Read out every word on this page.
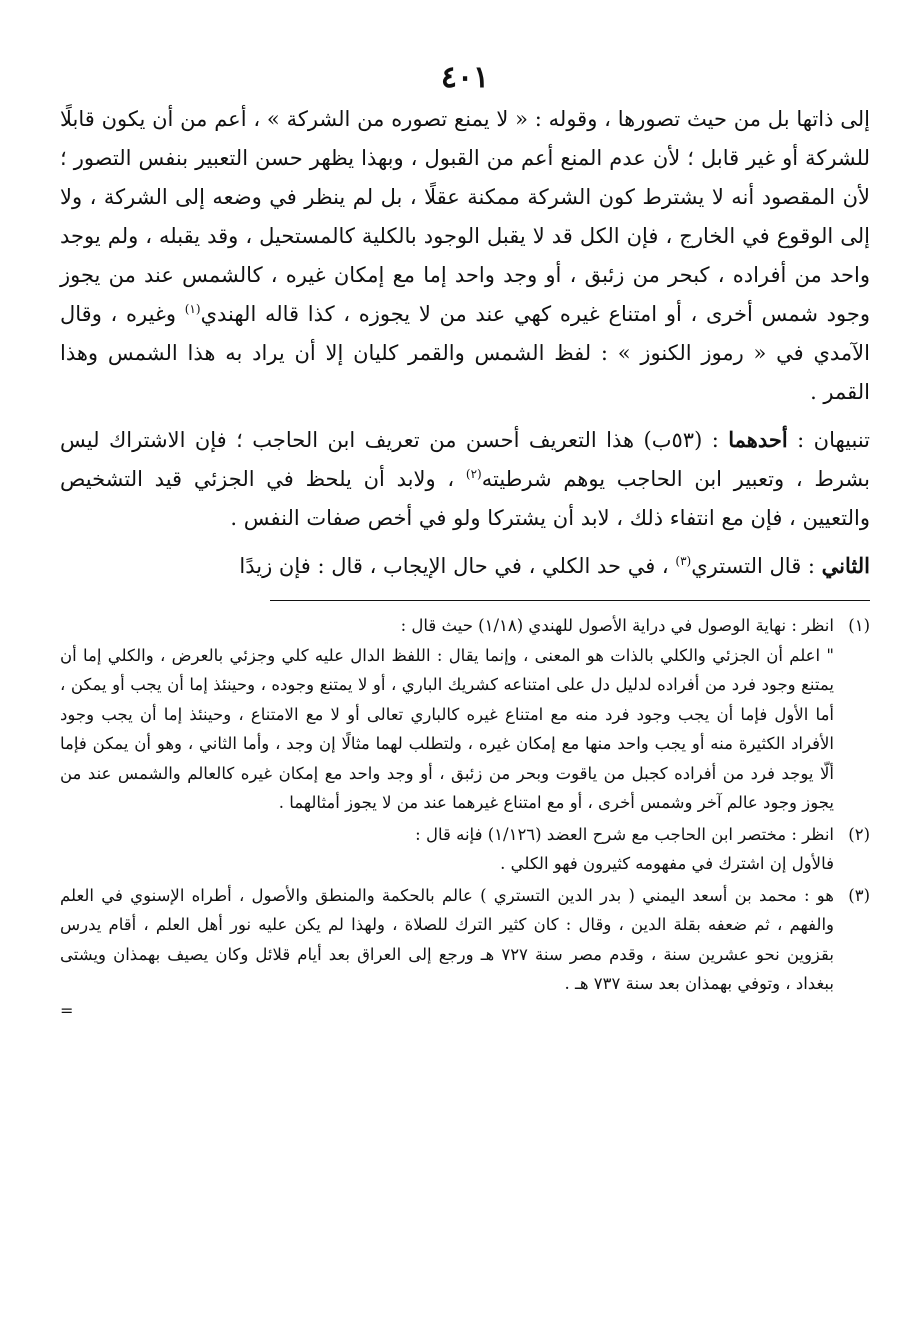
٤٠١

إلى ذاتها بل من حيث تصورها ، وقوله : « لا يمنع تصوره من الشركة » ، أعم من أن يكون قابلًا للشركة أو غير قابل ؛ لأن عدم المنع أعم من القبول ، وبهذا يظهر حسن التعبير بنفس التصور ؛ لأن المقصود أنه لا يشترط كون الشركة ممكنة عقلًا ، بل لم ينظر في وضعه إلى الشركة ، ولا إلى الوقوع في الخارج ، فإن الكل قد لا يقبل الوجود بالكلية كالمستحيل ، وقد يقبله ، ولم يوجد واحد من أفراده ، كبحر من زئبق ، أو وجد واحد إما مع إمكان غيره ، كالشمس عند من يجوز وجود شمس أخرى ، أو امتناع غيره كهي عند من لا يجوزه ، كذا قاله الهندي$^{(١)}$ وغيره ، وقال الآمدي في « رموز الكنوز » : لفظ الشمس والقمر كليان إلا أن يراد به هذا الشمس وهذا القمر .

تنبيهان : أحدهما : (٥٣ب) هذا التعريف أحسن من تعريف ابن الحاجب ؛ فإن الاشتراك ليس بشرط ، وتعبير ابن الحاجب يوهم شرطيته$^{(٢)}$ ، ولابد أن يلحظ في الجزئي قيد التشخيص والتعيين ، فإن مع انتفاء ذلك ، لابد أن يشتركا ولو في أخص صفات النفس .

الثاني : قال التستري$^{(٣)}$ ، في حد الكلي ، في حال الإيجاب ، قال : فإن زيدًا

(١)

انظر : نهاية الوصول في دراية الأصول للهندي (١/١٨) حيث قال :

" اعلم أن الجزئي والكلي بالذات هو المعنى ، وإنما يقال : اللفظ الدال عليه كلي وجزئي بالعرض ، والكلي إما أن يمتنع وجود فرد من أفراده لدليل دل على امتناعه كشريك الباري ، أو لا يمتنع وجوده ، وحينئذ إما أن يجب أو يمكن ، أما الأول فإما أن يجب وجود فرد منه مع امتناع غيره كالباري تعالى أو لا مع الامتناع ، وحينئذ إما أن يجب وجود الأفراد الكثيرة منه أو يجب واحد منها مع إمكان غيره ، ولتطلب لهما مثالًا إن وجد ، وأما الثاني ، وهو أن يمكن فإما ألّا يوجد فرد من أفراده كجبل من ياقوت وبحر من زئبق ، أو وجد واحد مع إمكان غيره كالعالم والشمس عند من يجوز وجود عالم آخر وشمس أخرى ، أو مع امتناع غيرهما عند من لا يجوز أمثالهما .

(٢)

انظر : مختصر ابن الحاجب مع شرح العضد (١/١٢٦) فإنه قال :

فالأول إن اشترك في مفهومه كثيرون فهو الكلي .

(٣)

هو : محمد بن أسعد اليمني ( بدر الدين التستري ) عالم بالحكمة والمنطق والأصول ، أطراه الإسنوي في العلم والفهم ، ثم ضعفه بقلة الدين ، وقال : كان كثير الترك للصلاة ، ولهذا لم يكن عليه نور أهل العلم ، أقام يدرس بقزوين نحو عشرين سنة ، وقدم مصر سنة ٧٢٧ هـ ورجع إلى العراق بعد أيام قلائل وكان يصيف بهمذان ويشتى ببغداد ، وتوفي بهمذان بعد سنة ٧٣٧ هـ .

=
